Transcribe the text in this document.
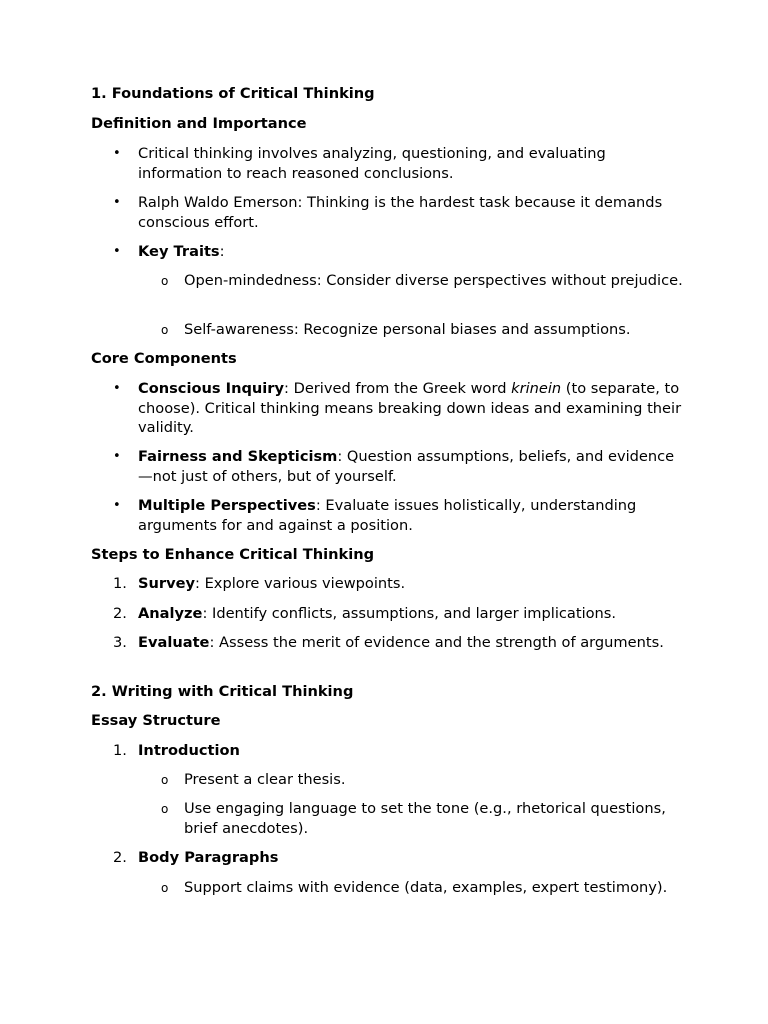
1. Foundations of Critical Thinking
Definition and Importance
• Critical thinking involves analyzing, questioning, and evaluating information to reach reasoned conclusions.

• Ralph Waldo Emerson: Thinking is the hardest task because it demands conscious effort.

• Key Traits:

o	Open-mindedness: Consider diverse perspectives without prejudice.

o	Self-awareness: Recognize personal biases and assumptions.

Core Components
• Conscious Inquiry: Derived from the Greek word krinein (to separate, to choose). Critical thinking means breaking down ideas and examining their validity.

• Fairness and Skepticism: Question assumptions, beliefs, and evidence—not just of others, but of yourself.

• Multiple Perspectives: Evaluate issues holistically, understanding arguments for and against a position.

Steps to Enhance Critical Thinking
1. Survey: Explore various viewpoints.

2. Analyze: Identify conflicts, assumptions, and larger implications.

3. Evaluate: Assess the merit of evidence and the strength of arguments.

2. Writing with Critical Thinking
Essay Structure
1. Introduction

o	Present a clear thesis.

o	Use engaging language to set the tone (e.g., rhetorical questions, brief anecdotes).

2. Body Paragraphs

o	Support claims with evidence (data, examples, expert testimony).
